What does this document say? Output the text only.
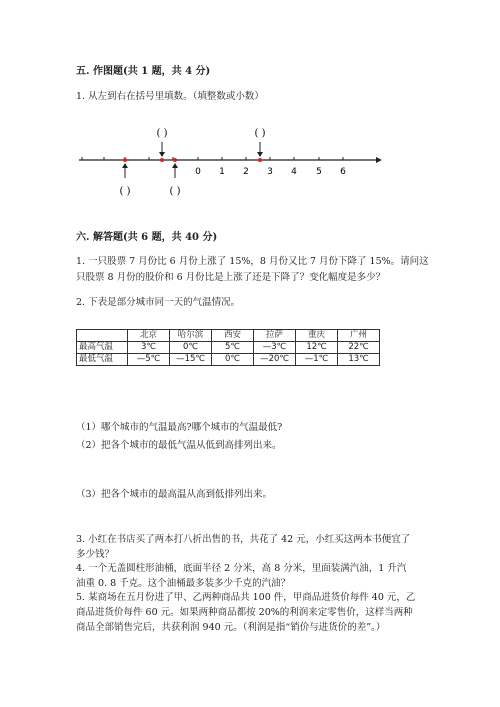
五. 作图题(共 1 题，共 4 分)
1. 从左到右在括号里填数。（填整数或小数）
0 1 2 3 4 5 6
( )	( )
( )	( )
六. 解答题(共 6 题，共 40 分)
1. 一只股票 7 月份比 6 月份上涨了 15%，8 月份又比 7 月份下降了 15%。请问这
只股票 8 月份的股价和 6 月份比是上涨了还是下降了？变化幅度是多少？
2. 下表是部分城市同一天的气温情况。
	北京	哈尔滨	西安	拉萨	重庆	广州
最高气温	3℃	0℃	5℃	—3℃	12℃	22℃
最低气温	—5℃	—15℃	0℃	—20℃	—1℃	13℃
（1）哪个城市的气温最高?哪个城市的气温最低?
（2）把各个城市的最低气温从低到高排列出来。
（3）把各个城市的最高温从高到低排列出来。
3. 小红在书店买了两本打八折出售的书，共花了 42 元，小红买这两本书便宜了
多少钱？
4. 一个无盖圆柱形油桶，底面半径 2 分米，高 8 分米，里面装满汽油，1 升汽
油重 0. 8 千克。这个油桶最多装多少千克的汽油？
5. 某商场在五月份进了甲、乙两种商品共 100 件，甲商品进货价每件 40 元，乙
商品进货价每件 60 元。如果两种商品都按 20%的利润来定零售价，这样当两种
商品全部销售完后，共获利润 940 元。（利润是指“销价与进货价的差”。）
